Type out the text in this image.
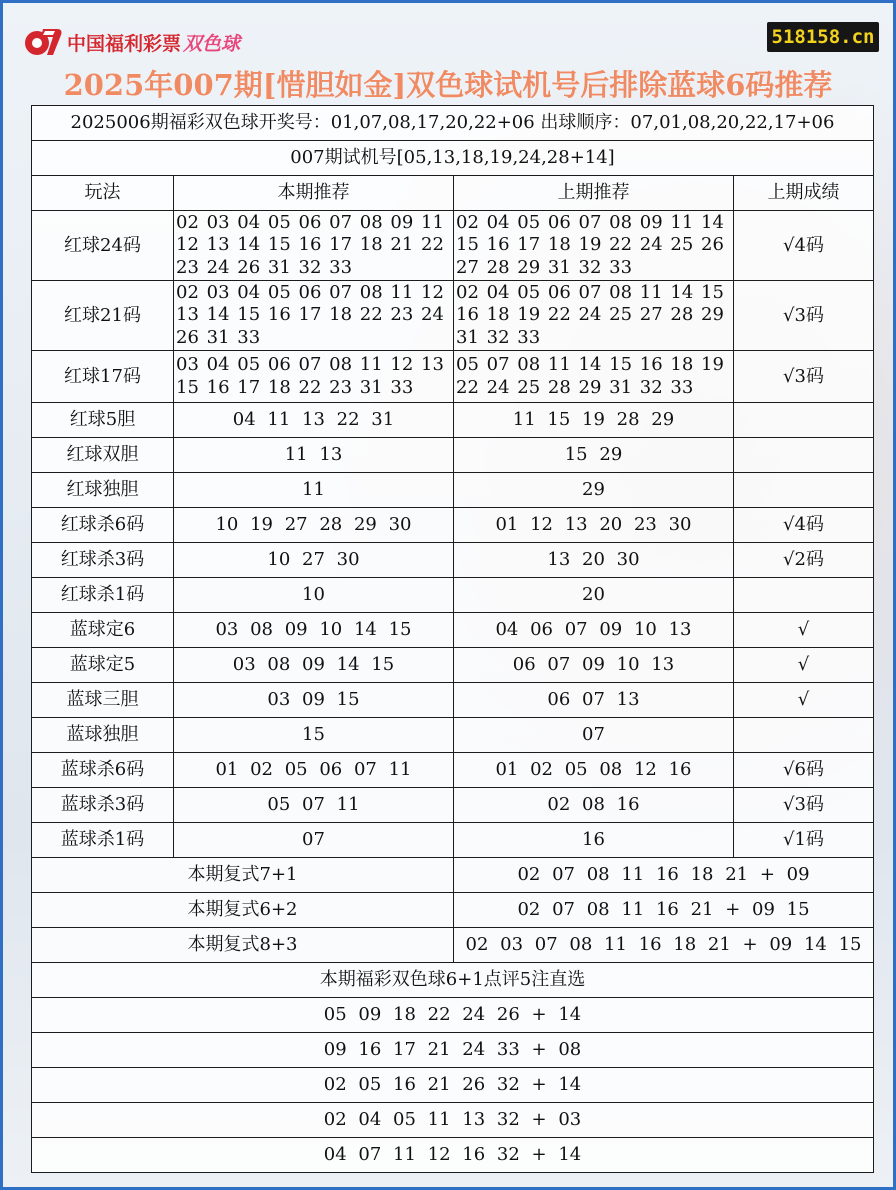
中国福利彩票 双色球	518158.cn
2025年007期[惜胆如金]双色球试机号后排除蓝球6码推荐
2025006期福彩双色球开奖号：01,07,08,17,20,22+06 出球顺序：07,01,08,20,22,17+06			
007期试机号[05,13,18,19,24,28+14]			
玩法	本期推荐	上期推荐	上期成绩
红球24码	02 03 04 05 06 07 08 09 11 12 13 14 15 16 17 18 21 22 23 24 26 31 32 33	02 04 05 06 07 08 09 11 14 15 16 17 18 19 22 24 25 26 27 28 29 31 32 33	√4码
红球21码	02 03 04 05 06 07 08 11 12 13 14 15 16 17 18 22 23 24 26 31 33	02 04 05 06 07 08 11 14 15 16 18 19 22 24 25 27 28 29 31 32 33	√3码
红球17码	03 04 05 06 07 08 11 12 13 15 16 17 18 22 23 31 33	05 07 08 11 14 15 16 18 19 22 24 25 28 29 31 32 33	√3码
红球5胆	04 11 13 22 31	11 15 19 28 29	
红球双胆	11 13	15 29	
红球独胆	11	29	
红球杀6码	10 19 27 28 29 30	01 12 13 20 23 30	√4码
红球杀3码	10 27 30	13 20 30	√2码
红球杀1码	10	20	
蓝球定6	03 08 09 10 14 15	04 06 07 09 10 13	√
蓝球定5	03 08 09 14 15	06 07 09 10 13	√
蓝球三胆	03 09 15	06 07 13	√
蓝球独胆	15	07	
蓝球杀6码	01 02 05 06 07 11	01 02 05 08 12 16	√6码
蓝球杀3码	05 07 11	02 08 16	√3码
蓝球杀1码	07	16	√1码
本期复式7+1		02 07 08 11 16 18 21 + 09	
本期复式6+2		02 07 08 11 16 21 + 09 15	
本期复式8+3		02 03 07 08 11 16 18 21 + 09 14 15	
本期福彩双色球6+1点评5注直选			
05 09 18 22 24 26 + 14			
09 16 17 21 24 33 + 08			
02 05 16 21 26 32 + 14			
02 04 05 11 13 32 + 03			
04 07 11 12 16 32 + 14			
